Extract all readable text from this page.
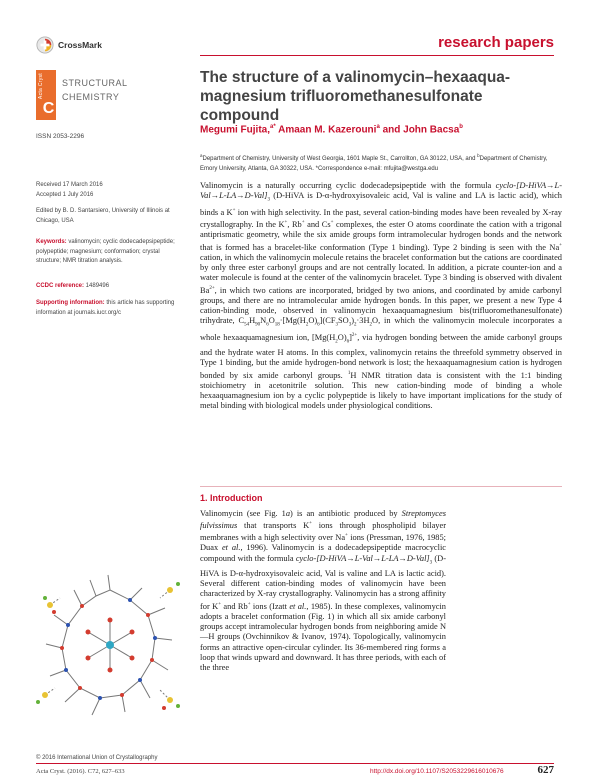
CrossMark	research papers
Acta Cryst
C
STRUCTURAL
CHEMISTRY
ISSN 2053-2296
The structure of a valinomycin–hexaaqua-magnesium trifluoromethanesulfonate compound
Megumi Fujita,$^{a*}$ Amaan M. Kazerouni$^a$ and John Bacsa$^b$
$^a$Department of Chemistry, University of West Georgia, 1601 Maple St., Carrollton, GA 30122, USA, and $^b$Department of Chemistry, Emory University, Atlanta, GA 30322, USA. *Correspondence e-mail: mfujita@westga.edu
Received 17 March 2016
Accepted 1 July 2016
Edited by B. D. Santarsiero, University of Illinois at Chicago, USA
Keywords: valinomycin; cyclic dodecadepsipeptide; polypeptide; magnesium; conformation; crystal structure; NMR titration analysis.
CCDC reference: 1489496
Supporting information: this article has supporting information at journals.iucr.org/c
Valinomycin is a naturally occurring cyclic dodecadepsipeptide with the formula cyclo-$[D-HiVA\to L-Val\to L-LA\to D-Val]_3$ (D-HiVA is D-α-hydroxyisovaleic acid, Val is valine and LA is lactic acid), which binds a K+ ion with high selectivity. In the past, several cation-binding modes have been revealed by X-ray crystallography. In the K+, Rb+ and Cs+ complexes, the ester O atoms coordinate the cation with a trigonal antiprismatic geometry, while the six amide groups form intramolecular hydrogen bonds and the network that is formed has a bracelet-like conformation (Type 1 binding). Type 2 binding is seen with the Na+ cation, in which the valinomycin molecule retains the bracelet conformation but the cations are coordinated by only three ester carbonyl groups and are not centrally located. In addition, a picrate counter-ion and a water molecule is found at the center of the valinomycin bracelet. Type 3 binding is observed with divalent $Ba^{2+}$, in which two cations are incorporated, bridged by two anions, and coordinated by amide carbonyl groups, and there are no intramolecular amide hydrogen bonds. In this paper, we present a new Type 4 cation-binding mode, observed in valinomycin hexaaquamagnesium bis(trifluoromethanesulfonate) trihydrate, $C_{54}H_{90}N_6O_{18}\cdot[Mg(H_2O)_6](CF_3SO_3)_2\cdot 3H_2O$, in which the valinomycin molecule incorporates a whole hexaaquamagnesium ion, $[Mg(H_2O)_6]^{2+}$, via hydrogen bonding between the amide carbonyl groups and the hydrate water H atoms. In this complex, valinomycin retains the threefold symmetry observed in Type 1 binding, but the amide hydrogen-bond network is lost; the hexaaquamagnesium cation is hydrogen bonded by six amide carbonyl groups. $^1$H NMR titration data is consistent with the 1:1 binding stoichiometry in acetonitrile solution. This new cation-binding mode of binding a whole hexaaquamagnesium ion by a cyclic polypeptide is likely to have important implications for the study of metal binding with biological models under physiological conditions.
1. Introduction
Valinomycin (see Fig. 1a) is an antibiotic produced by Streptomyces fulvissimus that transports K+ ions through phospholipid bilayer membranes with a high selectivity over Na+ ions (Pressman, 1976, 1985; Duax et al., 1996). Valinomycin is a dodecadepsipeptide macrocyclic compound with the formula cyclo-$[D-HiVA\to L-Val\to L-LA\to D-Val]_3$ (D-HiVA is D-α-hydroxyisovaleic acid, Val is valine and LA is lactic acid). Several different cation-binding modes of valinomycin have been characterized by X-ray crystallography. Valinomycin has a strong affinity for K+ and Rb+ ions (Izatt et al., 1985). In these complexes, valinomycin adopts a bracelet conformation (Fig. 1) in which all six amide carbonyl groups accept intramolecular hydrogen bonds from neighboring amide N—H groups (Ovchinnikov & Ivanov, 1974). Topologically, valinomycin forms an attractive open-circular cylinder. Its 36-membered ring forms a loop that winds upward and downward. It has three periods, with each of the three
© 2016 International Union of Crystallography
Acta Cryst. (2016). C72, 627–633	http://dx.doi.org/10.1107/S2053229616010676	627
